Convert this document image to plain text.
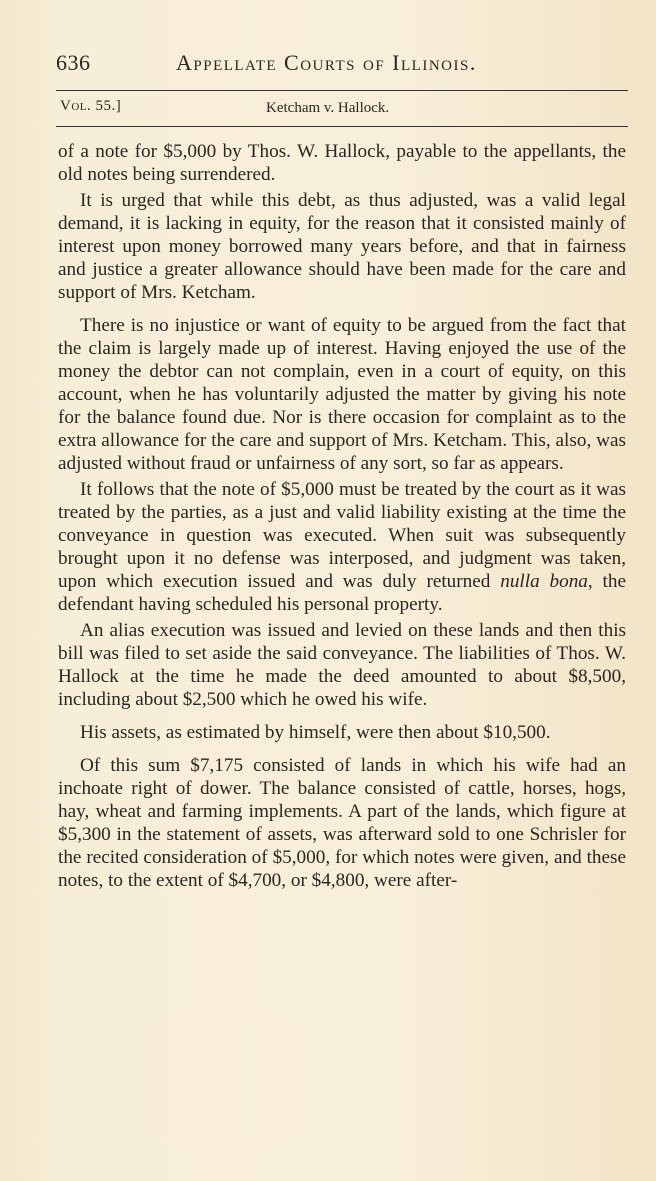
636	Appellate Courts of Illinois.
Vol. 55.]	Ketcham v. Hallock.

of a note for $5,000 by Thos. W. Hallock, payable to the appellants, the old notes being surrendered.

It is urged that while this debt, as thus adjusted, was a valid legal demand, it is lacking in equity, for the reason that it consisted mainly of interest upon money borrowed many years before, and that in fairness and justice a greater allowance should have been made for the care and support of Mrs. Ketcham.

There is no injustice or want of equity to be argued from the fact that the claim is largely made up of interest. Having enjoyed the use of the money the debtor can not complain, even in a court of equity, on this account, when he has voluntarily adjusted the matter by giving his note for the balance found due. Nor is there occasion for complaint as to the extra allowance for the care and support of Mrs. Ketcham. This, also, was adjusted without fraud or unfairness of any sort, so far as appears.

It follows that the note of $5,000 must be treated by the court as it was treated by the parties, as a just and valid liability existing at the time the conveyance in question was executed. When suit was subsequently brought upon it no defense was interposed, and judgment was taken, upon which execution issued and was duly returned nulla bona, the defendant having scheduled his personal property.

An alias execution was issued and levied on these lands and then this bill was filed to set aside the said conveyance. The liabilities of Thos. W. Hallock at the time he made the deed amounted to about $8,500, including about $2,500 which he owed his wife.

His assets, as estimated by himself, were then about $10,500.

Of this sum $7,175 consisted of lands in which his wife had an inchoate right of dower. The balance consisted of cattle, horses, hogs, hay, wheat and farming implements. A part of the lands, which figure at $5,300 in the statement of assets, was afterward sold to one Schrisler for the recited consideration of $5,000, for which notes were given, and these notes, to the extent of $4,700, or $4,800, were after-
